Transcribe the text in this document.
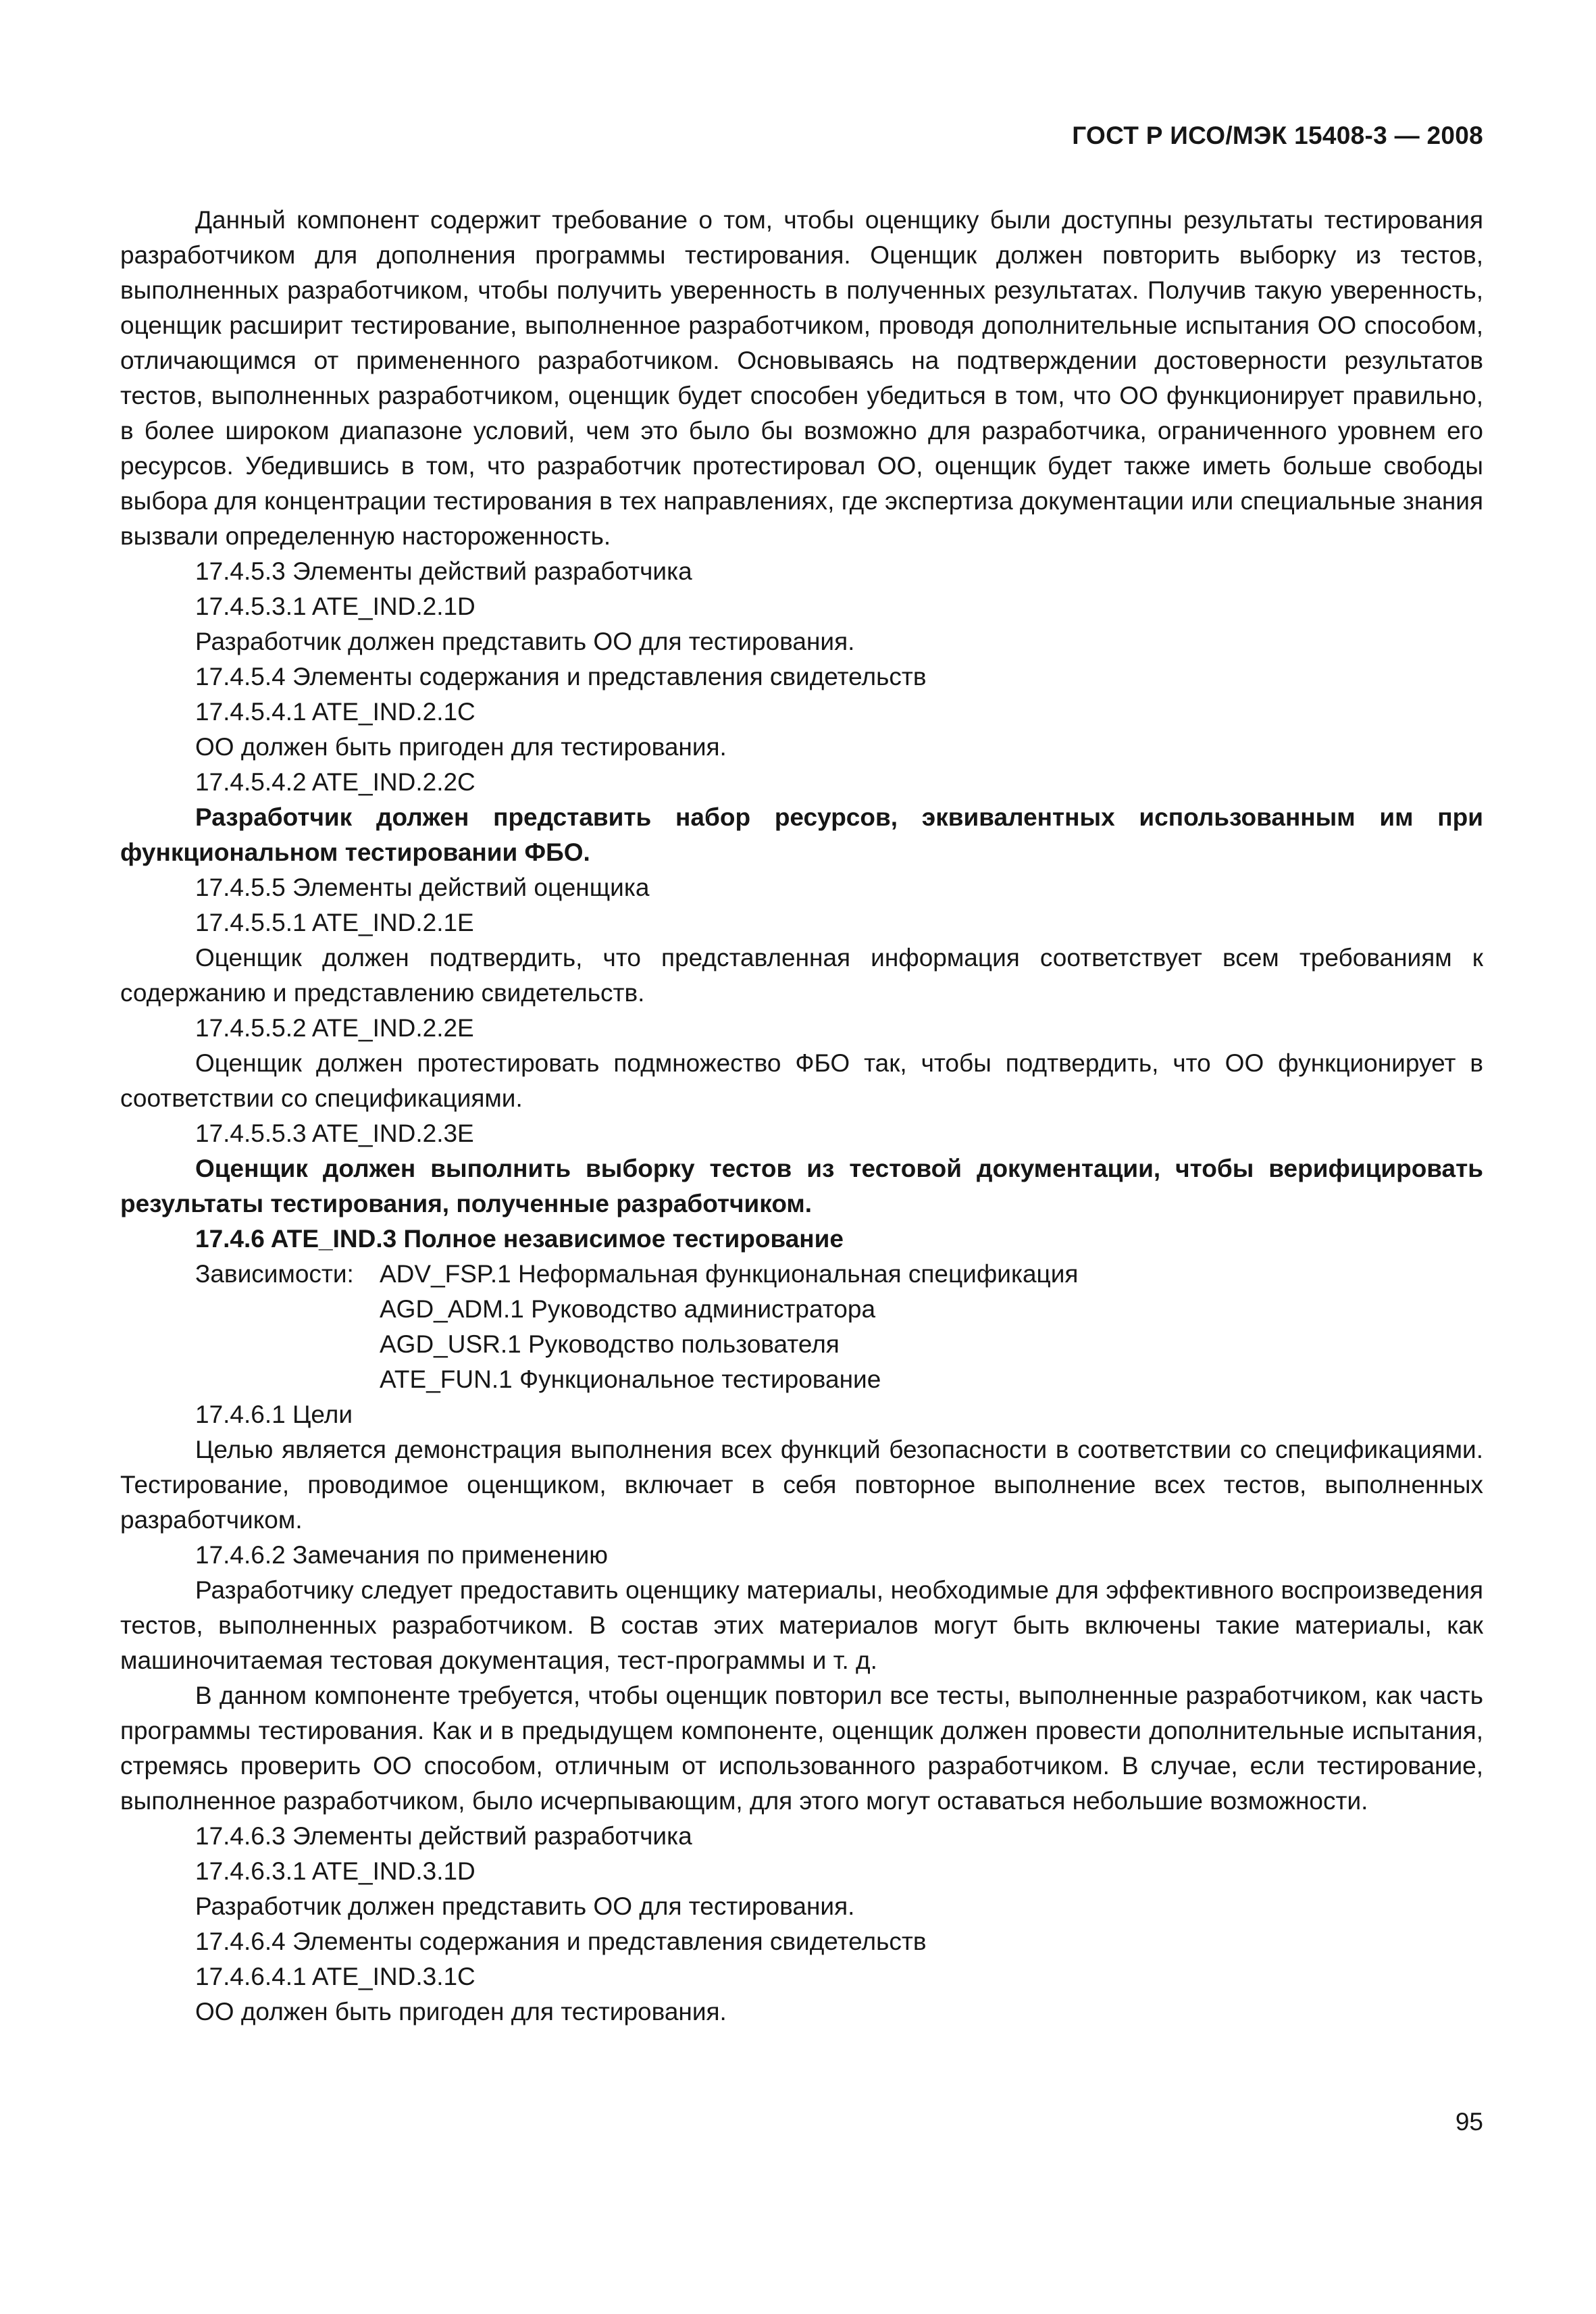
ГОСТ Р ИСО/МЭК 15408-3 — 2008

Данный компонент содержит требование о том, чтобы оценщику были доступны результаты тестирования разработчиком для дополнения программы тестирования. Оценщик должен повторить выборку из тестов, выполненных разработчиком, чтобы получить уверенность в полученных результатах. Получив такую уверенность, оценщик расширит тестирование, выполненное разработчиком, проводя дополнительные испытания ОО способом, отличающимся от примененного разработчиком. Основываясь на подтверждении достоверности результатов тестов, выполненных разработчиком, оценщик будет способен убедиться в том, что ОО функционирует правильно, в более широком диапазоне условий, чем это было бы возможно для разработчика, ограниченного уровнем его ресурсов. Убедившись в том, что разработчик протестировал ОО, оценщик будет также иметь больше свободы выбора для концентрации тестирования в тех направлениях, где экспертиза документации или специальные знания вызвали определенную настороженность.

17.4.5.3 Элементы действий разработчика

17.4.5.3.1 ATE_IND.2.1D

Разработчик должен представить ОО для тестирования.

17.4.5.4 Элементы содержания и представления свидетельств

17.4.5.4.1 ATE_IND.2.1C

ОО должен быть пригоден для тестирования.

17.4.5.4.2 ATE_IND.2.2C

Разработчик должен представить набор ресурсов, эквивалентных использованным им при функциональном тестировании ФБО.

17.4.5.5 Элементы действий оценщика

17.4.5.5.1 ATE_IND.2.1E

Оценщик должен подтвердить, что представленная информация соответствует всем требованиям к содержанию и представлению свидетельств.

17.4.5.5.2 ATE_IND.2.2E

Оценщик должен протестировать подмножество ФБО так, чтобы подтвердить, что ОО функционирует в соответствии со спецификациями.

17.4.5.5.3 ATE_IND.2.3E

Оценщик должен выполнить выборку тестов из тестовой документации, чтобы верифицировать результаты тестирования, полученные разработчиком.

17.4.6 ATE_IND.3 Полное независимое тестирование

Зависимости:	ADV_FSP.1 Неформальная функциональная спецификация
AGD_ADM.1 Руководство администратора
AGD_USR.1 Руководство пользователя
ATE_FUN.1 Функциональное тестирование

17.4.6.1 Цели

Целью является демонстрация выполнения всех функций безопасности в соответствии со спецификациями. Тестирование, проводимое оценщиком, включает в себя повторное выполнение всех тестов, выполненных разработчиком.

17.4.6.2 Замечания по применению

Разработчику следует предоставить оценщику материалы, необходимые для эффективного воспроизведения тестов, выполненных разработчиком. В состав этих материалов могут быть включены такие материалы, как машиночитаемая тестовая документация, тест-программы и т. д.

В данном компоненте требуется, чтобы оценщик повторил все тесты, выполненные разработчиком, как часть программы тестирования. Как и в предыдущем компоненте, оценщик должен провести дополнительные испытания, стремясь проверить ОО способом, отличным от использованного разработчиком. В случае, если тестирование, выполненное разработчиком, было исчерпывающим, для этого могут оставаться небольшие возможности.

17.4.6.3 Элементы действий разработчика

17.4.6.3.1 ATE_IND.3.1D

Разработчик должен представить ОО для тестирования.

17.4.6.4 Элементы содержания и представления свидетельств

17.4.6.4.1 ATE_IND.3.1C

ОО должен быть пригоден для тестирования.

95
